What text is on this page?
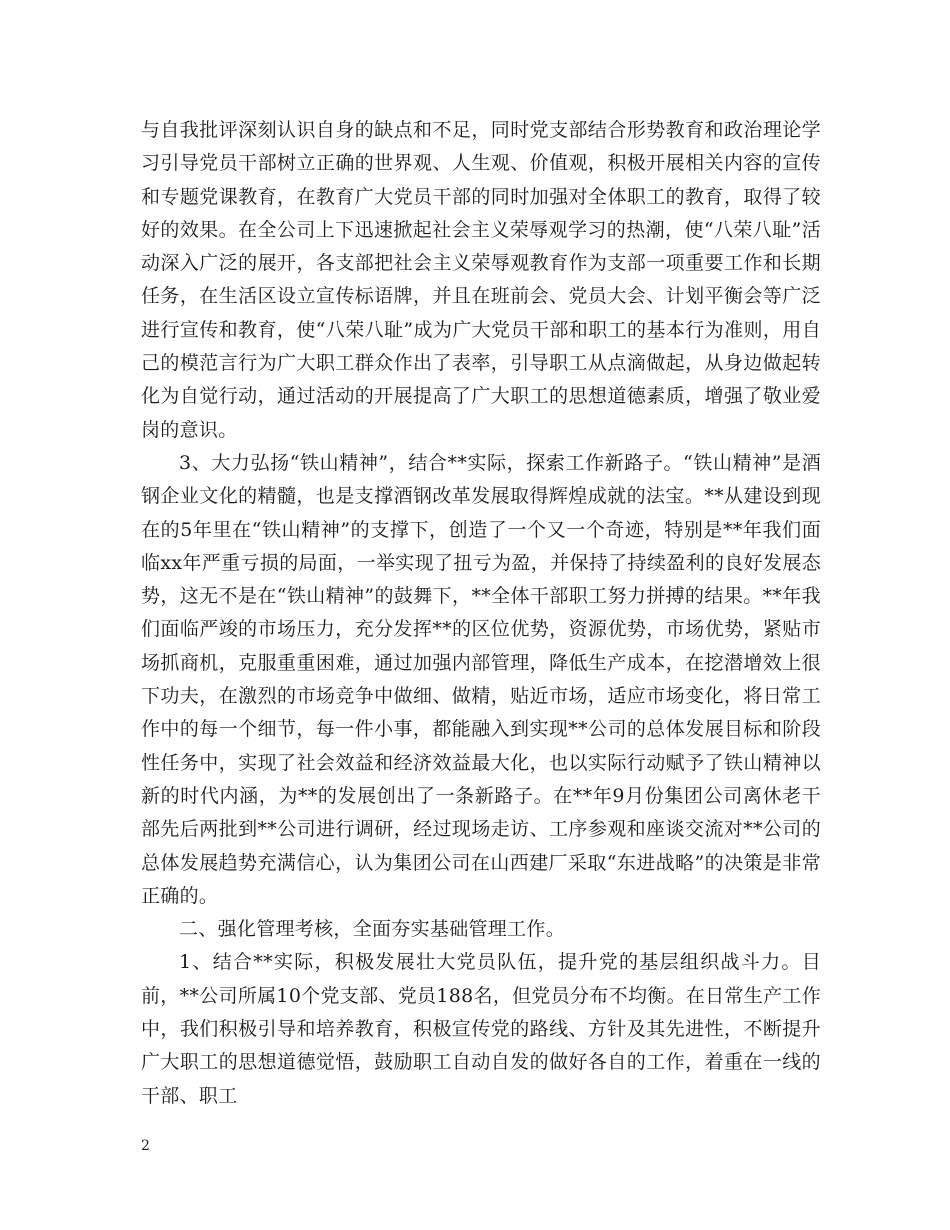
与自我批评深刻认识自身的缺点和不足，同时党支部结合形势教育和政治理论学习引导党员干部树立正确的世界观、人生观、价值观，积极开展相关内容的宣传和专题党课教育，在教育广大党员干部的同时加强对全体职工的教育，取得了较好的效果。在全公司上下迅速掀起社会主义荣辱观学习的热潮，使“八荣八耻”活动深入广泛的展开，各支部把社会主义荣辱观教育作为支部一项重要工作和长期任务，在生活区设立宣传标语牌，并且在班前会、党员大会、计划平衡会等广泛进行宣传和教育，使“八荣八耻”成为广大党员干部和职工的基本行为准则，用自己的模范言行为广大职工群众作出了表率，引导职工从点滴做起，从身边做起转化为自觉行动，通过活动的开展提高了广大职工的思想道德素质，增强了敬业爱岗的意识。

3、大力弘扬“铁山精神”，结合**实际，探索工作新路子。“铁山精神”是酒钢企业文化的精髓，也是支撑酒钢改革发展取得辉煌成就的法宝。**从建设到现在的5年里在“铁山精神”的支撑下，创造了一个又一个奇迹，特别是**年我们面临xx年严重亏损的局面，一举实现了扭亏为盈，并保持了持续盈利的良好发展态势，这无不是在“铁山精神”的鼓舞下，**全体干部职工努力拼搏的结果。**年我们面临严竣的市场压力，充分发挥**的区位优势，资源优势，市场优势，紧贴市场抓商机，克服重重困难，通过加强内部管理，降低生产成本，在挖潜增效上很下功夫，在激烈的市场竞争中做细、做精，贴近市场，适应市场变化，将日常工作中的每一个细节，每一件小事，都能融入到实现**公司的总体发展目标和阶段性任务中，实现了社会效益和经济效益最大化，也以实际行动赋予了铁山精神以新的时代内涵，为**的发展创出了一条新路子。在**年9月份集团公司离休老干部先后两批到**公司进行调研，经过现场走访、工序参观和座谈交流对**公司的总体发展趋势充满信心，认为集团公司在山西建厂采取“东进战略”的决策是非常正确的。

二、强化管理考核，全面夯实基础管理工作。

1、结合**实际，积极发展壮大党员队伍，提升党的基层组织战斗力。目前，**公司所属10个党支部、党员188名，但党员分布不均衡。在日常生产工作中，我们积极引导和培养教育，积极宣传党的路线、方针及其先进性，不断提升广大职工的思想道德觉悟，鼓励职工自动自发的做好各自的工作，着重在一线的干部、职工

2
